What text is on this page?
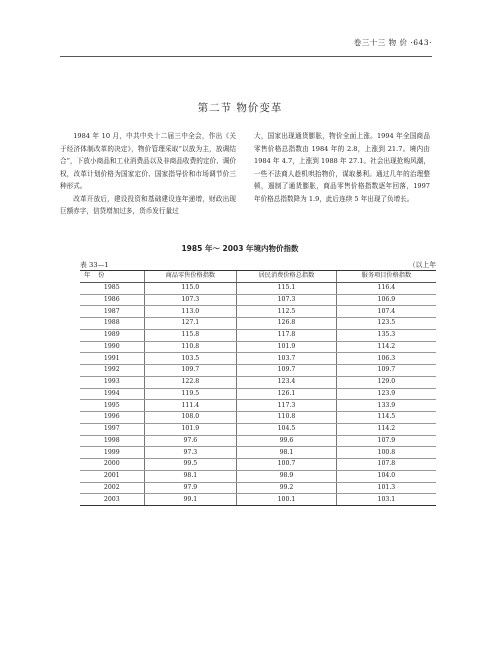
卷三十三 物 价 ·643·
第二节 物价变革

1984 年 10 月，中共中央十二届三中全会，作出《关于经济体制改革的决定》，物价管理采取“以放为主，放调结合”，下放小商品和工业消费品以及非商品收费的定价、调价权，改革计划价格为国家定价、国家指导价和市场调节价三种形式。

改革开放后，建设投资和基础建设连年递增，财政出现巨额赤字，信贷增加过多，货币发行量过

大，国家出现通货膨胀，物价全面上涨。1994 年全国商品零售价格总指数由 1984 年的 2.8，上涨到 21.7。境内由 1984 年 4.7，上涨到 1988 年 27.1。社会出现抢购风潮，一些不法商人趁机哄抬物价，谋取暴利。通过几年的治理整顿，遏制了通货膨胀，商品零售价格指数逐年回落，1997 年价格总指数降为 1.9，此后连续 5 年出现了负增长。

1985 年～ 2003 年境内物价指数
表 33—1	（以上年
年份	商品零售价格指数	居民消费价格总指数	服务项目价格指数
1985	115.0	115.1	116.4
1986	107.3	107.3	106.9
1987	113.0	112.5	107.4
1988	127.1	126.8	123.5
1989	115.8	117.8	135.3
1990	110.8	101.9	114.2
1991	103.5	103.7	106.3
1992	109.7	109.7	109.7
1993	122.8	123.4	129.0
1994	119.5	126.1	123.9
1995	111.4	117.3	133.9
1996	108.0	110.8	114.5
1997	101.9	104.5	114.2
1998	97.6	99.6	107.9
1999	97.3	98.1	100.8
2000	99.5	100.7	107.8
2001	98.1	98.9	104.0
2002	97.9	99.2	101.3
2003	99.1	100.1	103.1
